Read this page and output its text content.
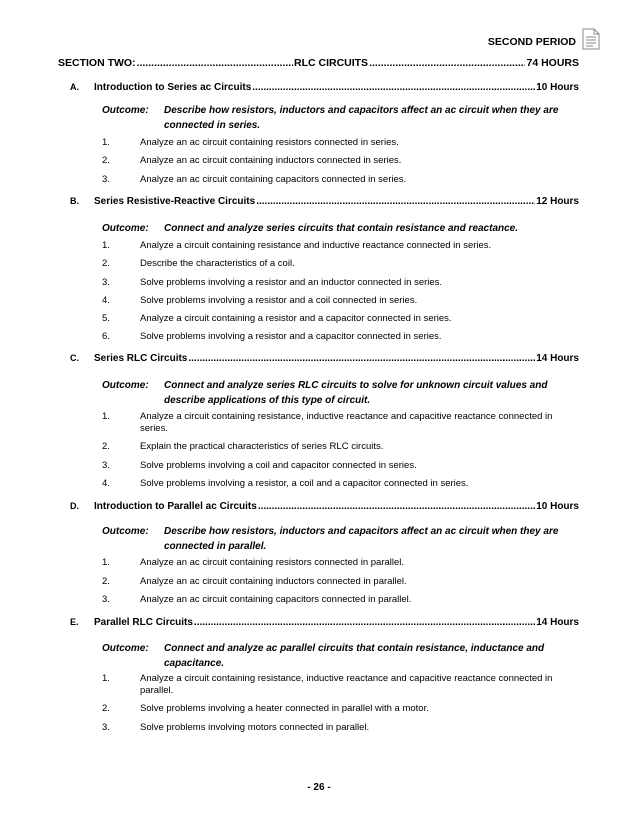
SECOND PERIOD
SECTION TWO: .....	RLC CIRCUITS .....	74 HOURS
A.	Introduction to Series ac Circuits .....	10 Hours
Outcome:	Describe how resistors, inductors and capacitors affect an ac circuit when they are connected in series.
1.	Analyze an ac circuit containing resistors connected in series.
2.	Analyze an ac circuit containing inductors connected in series.
3.	Analyze an ac circuit containing capacitors connected in series.
B.	Series Resistive-Reactive Circuits .....	12 Hours
Outcome:	Connect and analyze series circuits that contain resistance and reactance.
1.	Analyze a circuit containing resistance and inductive reactance connected in series.
2.	Describe the characteristics of a coil.
3.	Solve problems involving a resistor and an inductor connected in series.
4.	Solve problems involving a resistor and a coil connected in series.
5.	Analyze a circuit containing a resistor and a capacitor connected in series.
6.	Solve problems involving a resistor and a capacitor connected in series.
C.	Series RLC Circuits .....	14 Hours
Outcome:	Connect and analyze series RLC circuits to solve for unknown circuit values and describe applications of this type of circuit.
1.	Analyze a circuit containing resistance, inductive reactance and capacitive reactance connected in series.
2.	Explain the practical characteristics of series RLC circuits.
3.	Solve problems involving a coil and capacitor connected in series.
4.	Solve problems involving a resistor, a coil and a capacitor connected in series.
D.	Introduction to Parallel ac Circuits .....	10 Hours
Outcome:	Describe how resistors, inductors and capacitors affect an ac circuit when they are connected in parallel.
1.	Analyze an ac circuit containing resistors connected in parallel.
2.	Analyze an ac circuit containing inductors connected in parallel.
3.	Analyze an ac circuit containing capacitors connected in parallel.
E.	Parallel RLC Circuits .....	14 Hours
Outcome:	Connect and analyze ac parallel circuits that contain resistance, inductance and capacitance.
1.	Analyze a circuit containing resistance, inductive reactance and capacitive reactance connected in parallel.
2.	Solve problems involving a heater connected in parallel with a motor.
3.	Solve problems involving motors connected in parallel.
- 26 -
